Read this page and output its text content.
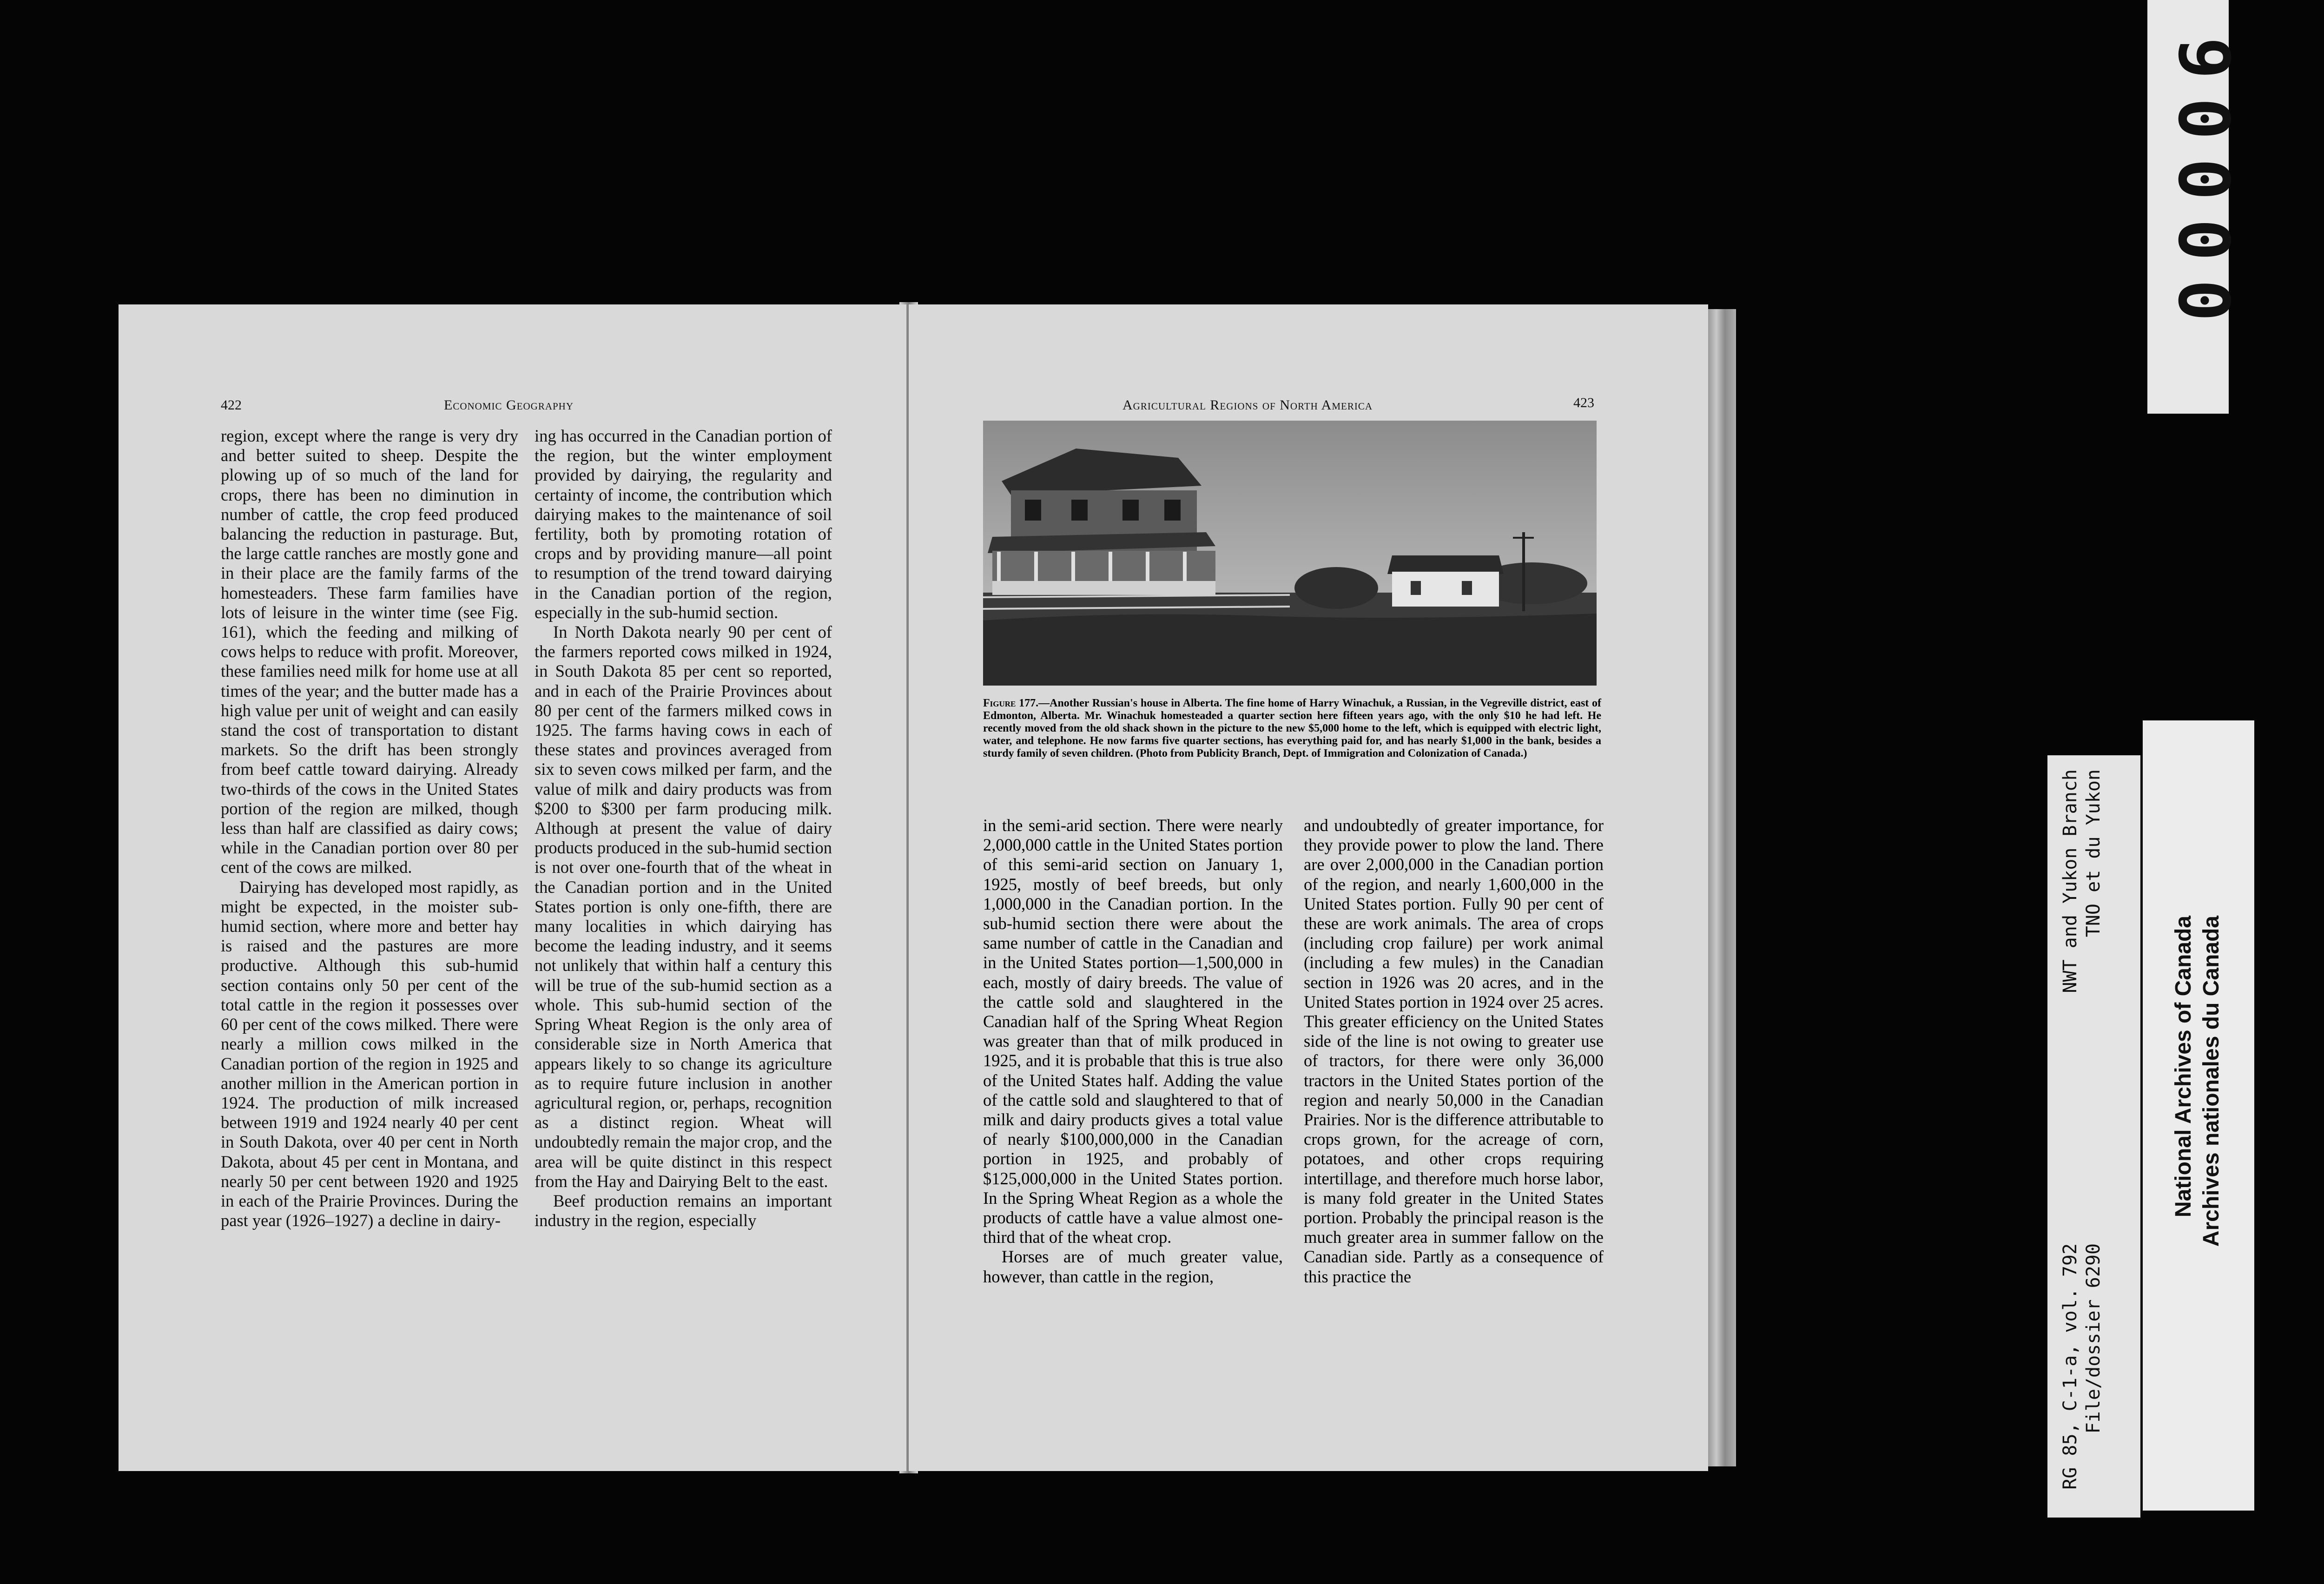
422	Economic Geography

region, except where the range is very dry and better suited to sheep. Despite the plowing up of so much of the land for crops, there has been no diminution in number of cattle, the crop feed produced balancing the reduction in pasturage. But, the large cattle ranches are mostly gone and in their place are the family farms of the homesteaders. These farm families have lots of leisure in the winter time (see Fig. 161), which the feeding and milking of cows helps to reduce with profit. Moreover, these families need milk for home use at all times of the year; and the butter made has a high value per unit of weight and can easily stand the cost of transportation to distant markets. So the drift has been strongly from beef cattle toward dairying. Already two-thirds of the cows in the United States portion of the region are milked, though less than half are classified as dairy cows; while in the Canadian portion over 80 per cent of the cows are milked.

Dairying has developed most rapidly, as might be expected, in the moister sub-humid section, where more and better hay is raised and the pastures are more productive. Although this sub-humid section contains only 50 per cent of the total cattle in the region it possesses over 60 per cent of the cows milked. There were nearly a million cows milked in the Canadian portion of the region in 1925 and another million in the American portion in 1924. The production of milk increased between 1919 and 1924 nearly 40 per cent in South Dakota, over 40 per cent in North Dakota, about 45 per cent in Montana, and nearly 50 per cent between 1920 and 1925 in each of the Prairie Provinces. During the past year (1926–1927) a decline in dairy-

ing has occurred in the Canadian portion of the region, but the winter employment provided by dairying, the regularity and certainty of income, the contribution which dairying makes to the maintenance of soil fertility, both by promoting rotation of crops and by providing manure—all point to resumption of the trend toward dairying in the Canadian portion of the region, especially in the sub-humid section.

In North Dakota nearly 90 per cent of the farmers reported cows milked in 1924, in South Dakota 85 per cent so reported, and in each of the Prairie Provinces about 80 per cent of the farmers milked cows in 1925. The farms having cows in each of these states and provinces averaged from six to seven cows milked per farm, and the value of milk and dairy products was from $200 to $300 per farm producing milk. Although at present the value of dairy products produced in the sub-humid section is not over one-fourth that of the wheat in the Canadian portion and in the United States portion is only one-fifth, there are many localities in which dairying has become the leading industry, and it seems not unlikely that within half a century this will be true of the sub-humid section as a whole. This sub-humid section of the Spring Wheat Region is the only area of considerable size in North America that appears likely to so change its agriculture as to require future inclusion in another agricultural region, or, perhaps, recognition as a distinct region. Wheat will undoubtedly remain the major crop, and the area will be quite distinct in this respect from the Hay and Dairying Belt to the east.

Beef production remains an important industry in the region, especially

Agricultural Regions of North America	423
Figure 177.—Another Russian's house in Alberta. The fine home of Harry Winachuk, a Russian, in the Vegreville district, east of Edmonton, Alberta. Mr. Winachuk homesteaded a quarter section here fifteen years ago, with the only $10 he had left. He recently moved from the old shack shown in the picture to the new $5,000 home to the left, which is equipped with electric light, water, and telephone. He now farms five quarter sections, has everything paid for, and has nearly $1,000 in the bank, besides a sturdy family of seven children. (Photo from Publicity Branch, Dept. of Immigration and Colonization of Canada.)

in the semi-arid section. There were nearly 2,000,000 cattle in the United States portion of this semi-arid section on January 1, 1925, mostly of beef breeds, but only 1,000,000 in the Canadian portion. In the sub-humid section there were about the same number of cattle in the Canadian and in the United States portion—1,500,000 in each, mostly of dairy breeds. The value of the cattle sold and slaughtered in the Canadian half of the Spring Wheat Region was greater than that of milk produced in 1925, and it is probable that this is true also of the United States half. Adding the value of the cattle sold and slaughtered to that of milk and dairy products gives a total value of nearly $100,000,000 in the Canadian portion in 1925, and probably of $125,000,000 in the United States portion. In the Spring Wheat Region as a whole the products of cattle have a value almost one-third that of the wheat crop.

Horses are of much greater value, however, than cattle in the region,

and undoubtedly of greater importance, for they provide power to plow the land. There are over 2,000,000 in the Canadian portion of the region, and nearly 1,600,000 in the United States portion. Fully 90 per cent of these are work animals. The area of crops (including crop failure) per work animal (including a few mules) in the Canadian section in 1926 was 20 acres, and in the United States portion in 1924 over 25 acres. This greater efficiency on the United States side of the line is not owing to greater use of tractors, for there were only 36,000 tractors in the United States portion of the region and nearly 50,000 in the Canadian Prairies. Nor is the difference attributable to crops grown, for the acreage of corn, potatoes, and other crops requiring intertillage, and therefore much horse labor, is many fold greater in the United States portion. Probably the principal reason is the much greater area in summer fallow on the Canadian side. Partly as a consequence of this practice the

00006
NWT and Yukon Branch TNO et du Yukon
RG 85, C-1-a, vol. 792 File/dossier 6290
National Archives of Canada Archives nationales du Canada
